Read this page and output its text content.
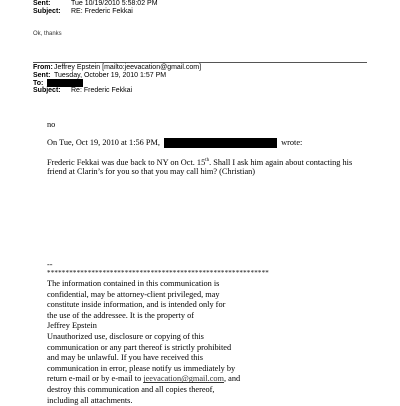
Sent:	Tue 10/19/2010 5:58:02 PM
Subject: RE: Frederic Fekkai
Ok, thanks
From:Jeffrey Epstein [mailto:jeevacation@gmail.com]
Sent: Tuesday, October 19, 2010 1:57 PM
To:
Subject: Re: Frederic Fekkai
no
On Tue, Oct 19, 2010 at 1:56 PM,	wrote:
Frederic Fekkai was due back to NY on Oct. 15th. Shall I ask him again about contacting his
friend at Clarin’s for you so that you may call him? (Christian)
--
************************************************************
The information contained in this communication is
confidential, may be attorney-client privileged, may
constitute inside information, and is intended only for
the use of the addressee. It is the property of
Jeffrey Epstein
Unauthorized use, disclosure or copying of this
communication or any part thereof is strictly prohibited
and may be unlawful. If you have received this
communication in error, please notify us immediately by
return e-mail or by e-mail to jeevacation@gmail.com, and
destroy this communication and all copies thereof,
including all attachments.
